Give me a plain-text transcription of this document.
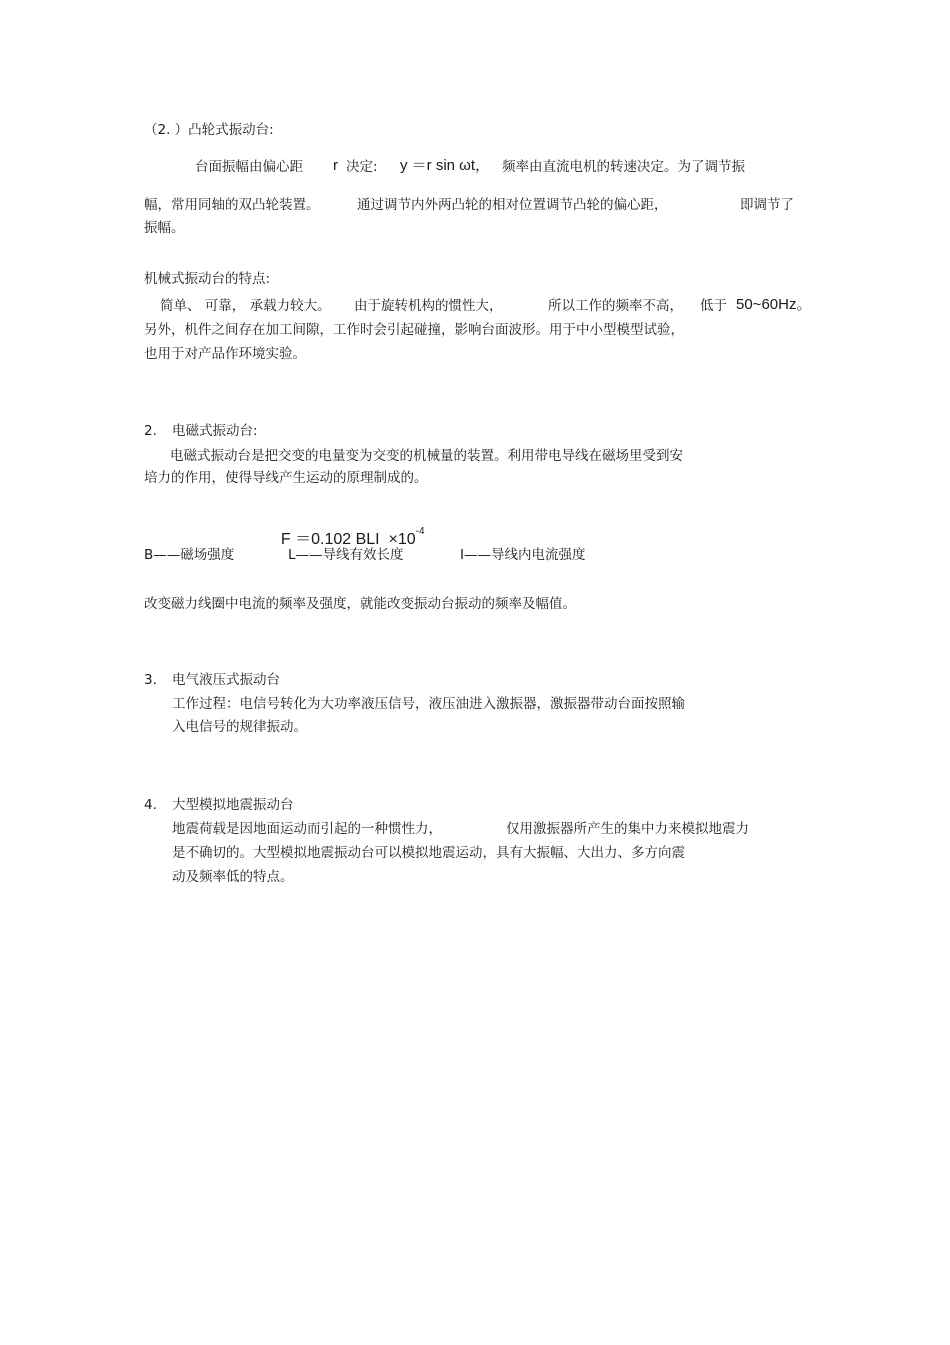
（2. ）凸轮式振动台:
台面振幅由偏心距 r 决定: y ＝r sin ωt， 频率由直流电机的转速决定。为了调节振
幅，常用同轴的双凸轮装置。	通过调节内外两凸轮的相对位置调节凸轮的偏心距，	即调节了
振幅。
机械式振动台的特点:
简单、 可靠， 承载力较大。 由于旋转机构的惯性大，	所以工作的频率不高， 低于 50~60Hz。
另外，机件之间存在加工间隙，工作时会引起碰撞，影响台面波形。用于中小型模型试验，
也用于对产品作环境实验。
2. 电磁式振动台:
电磁式振动台是把交变的电量变为交变的机械量的装置。利用带电导线在磁场里受到安
培力的作用，使得导线产生运动的原理制成的。

F ＝0.102 BLI  $\times 10^{-4}$

B——磁场强度	L——导线有效长度	I——导线内电流强度
改变磁力线圈中电流的频率及强度，就能改变振动台振动的频率及幅值。
3. 电气液压式振动台
工作过程：电信号转化为大功率液压信号，液压油进入激振器，激振器带动台面按照输
入电信号的规律振动。
4. 大型模拟地震振动台
地震荷载是因地面运动而引起的一种惯性力，	仅用激振器所产生的集中力来模拟地震力
是不确切的。大型模拟地震振动台可以模拟地震运动，具有大振幅、大出力、多方向震
动及频率低的特点。
